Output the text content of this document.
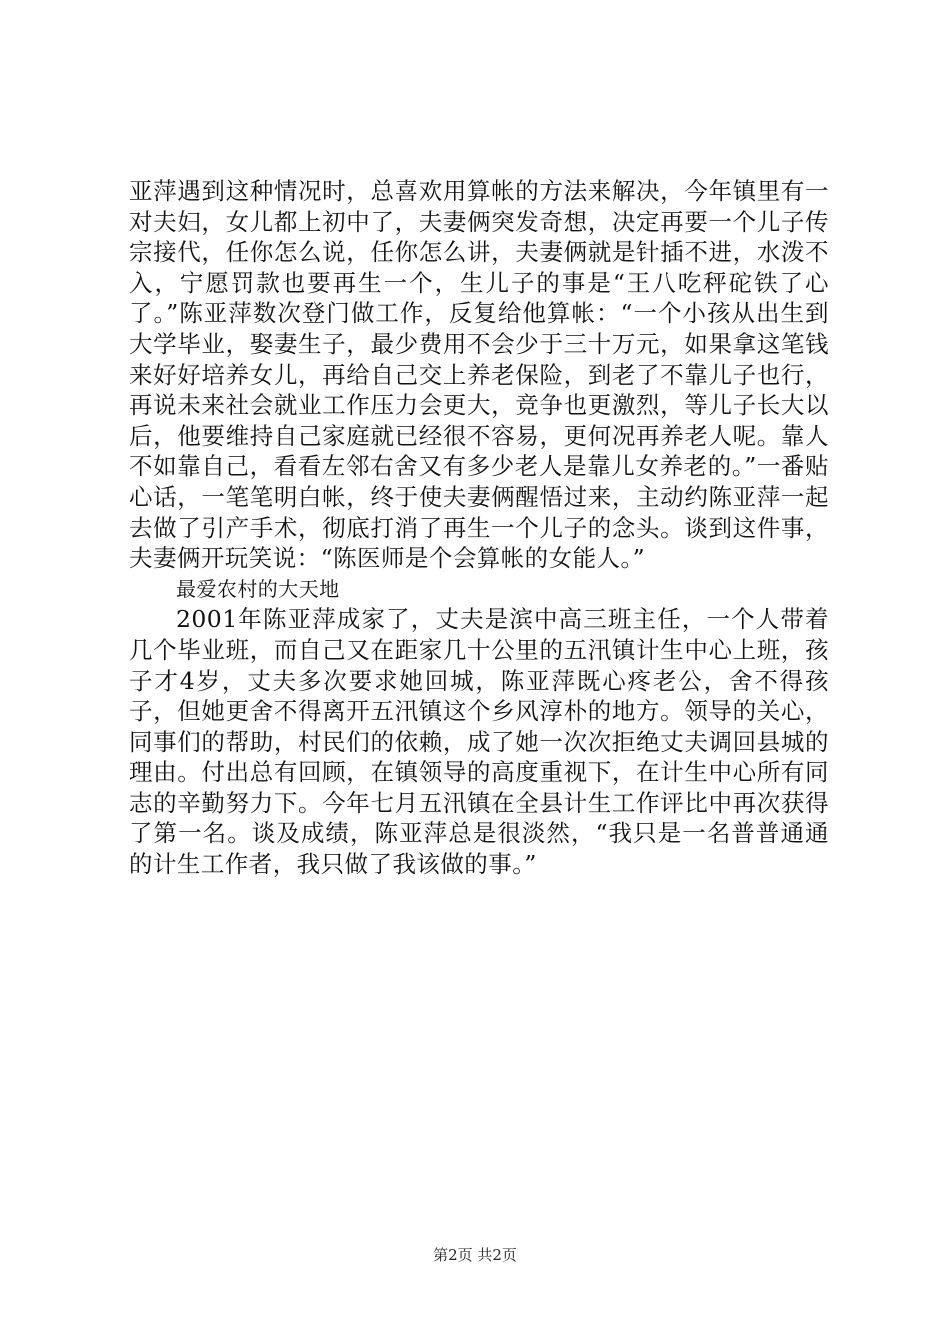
亚萍遇到这种情况时，总喜欢用算帐的方法来解决，今年镇里有一对夫妇，女儿都上初中了，夫妻俩突发奇想，决定再要一个儿子传宗接代，任你怎么说，任你怎么讲，夫妻俩就是针插不进，水泼不入，宁愿罚款也要再生一个，生儿子的事是“王八吃秤砣铁了心了。”陈亚萍数次登门做工作，反复给他算帐：“一个小孩从出生到大学毕业，娶妻生子，最少费用不会少于三十万元，如果拿这笔钱来好好培养女儿，再给自己交上养老保险，到老了不靠儿子也行，再说未来社会就业工作压力会更大，竞争也更激烈，等儿子长大以后，他要维持自己家庭就已经很不容易，更何况再养老人呢。靠人不如靠自己，看看左邻右舍又有多少老人是靠儿女养老的。”一番贴心话，一笔笔明白帐，终于使夫妻俩醒悟过来，主动约陈亚萍一起去做了引产手术，彻底打消了再生一个儿子的念头。谈到这件事，夫妻俩开玩笑说：“陈医师是个会算帐的女能人。”

最爱农村的大天地

2001年陈亚萍成家了，丈夫是滨中高三班主任，一个人带着几个毕业班，而自己又在距家几十公里的五汛镇计生中心上班，孩子才4岁，丈夫多次要求她回城，陈亚萍既心疼老公，舍不得孩子，但她更舍不得离开五汛镇这个乡风淳朴的地方。领导的关心，同事们的帮助，村民们的依赖，成了她一次次拒绝丈夫调回县城的理由。付出总有回顾，在镇领导的高度重视下，在计生中心所有同志的辛勤努力下。今年七月五汛镇在全县计生工作评比中再次获得了第一名。谈及成绩，陈亚萍总是很淡然，“我只是一名普普通通的计生工作者，我只做了我该做的事。”

第2页 共2页
